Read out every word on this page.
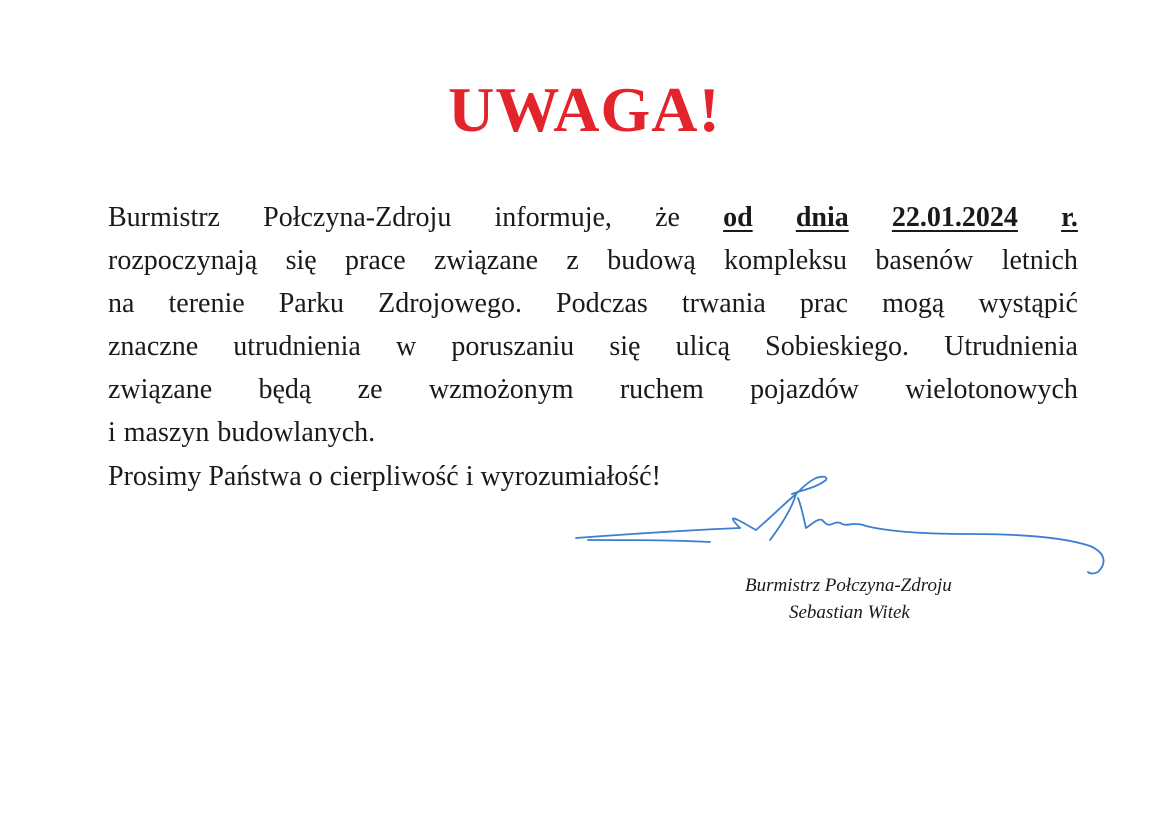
UWAGA!
Burmistrz Połczyna-Zdroju informuje, że od dnia 22.01.2024 r.
rozpoczynają się prace związane z budową kompleksu basenów letnich
na terenie Parku Zdrojowego. Podczas trwania prac mogą wystąpić
znaczne utrudnienia w poruszaniu się ulicą Sobieskiego. Utrudnienia
związane będą ze wzmożonym ruchem pojazdów wielotonowych
i maszyn budowlanych.
Prosimy Państwa o cierpliwość i wyrozumiałość!
Burmistrz Połczyna-Zdroju
Sebastian Witek
